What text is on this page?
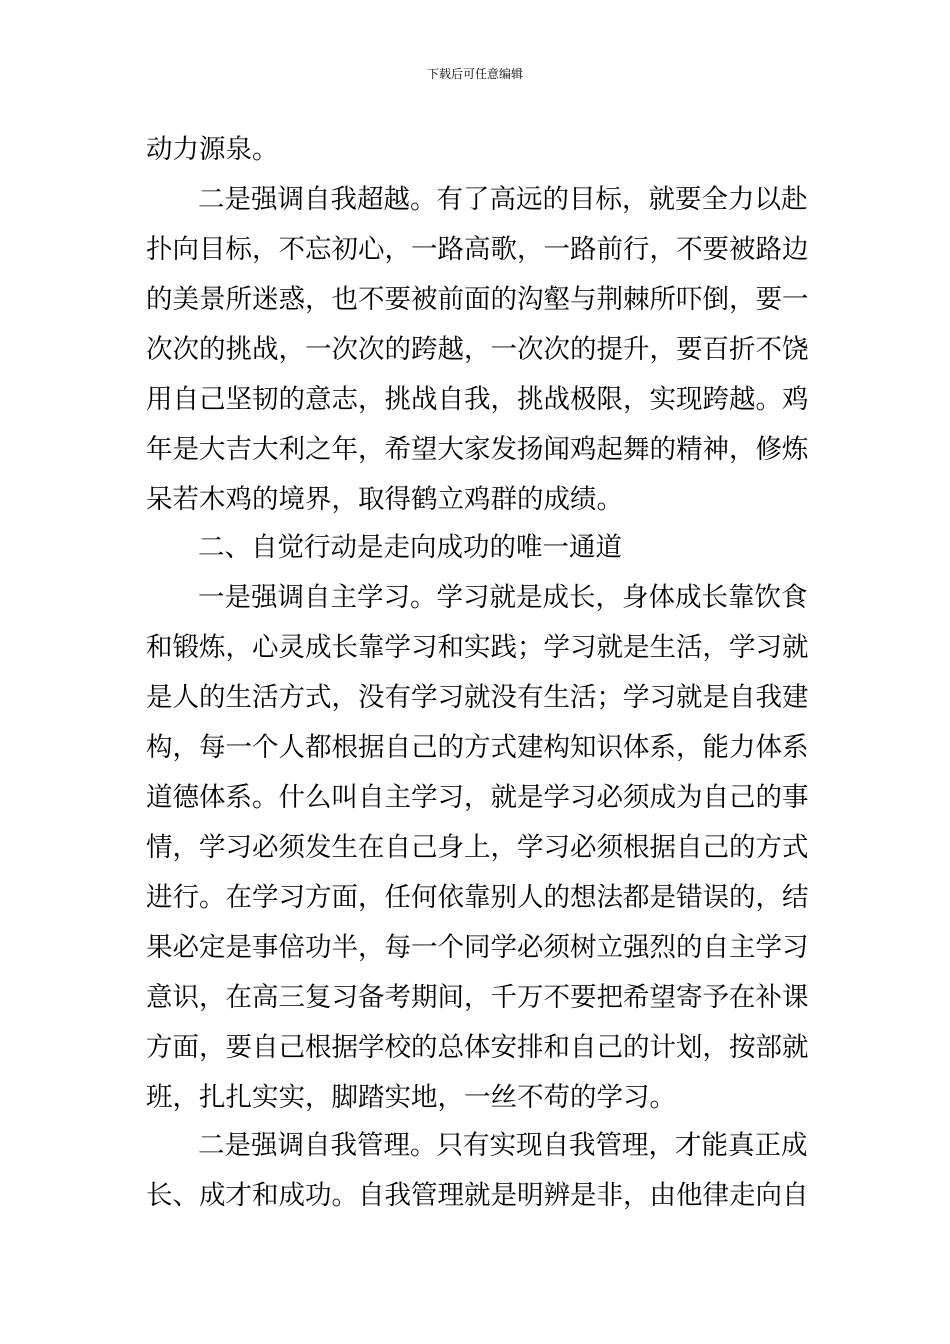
下载后可任意编辑
动力源泉。
二是强调自我超越。有了高远的目标，就要全力以赴
扑向目标，不忘初心，一路高歌，一路前行，不要被路边
的美景所迷惑，也不要被前面的沟壑与荆棘所吓倒，要一
次次的挑战，一次次的跨越，一次次的提升，要百折不饶
用自己坚韧的意志，挑战自我，挑战极限，实现跨越。鸡
年是大吉大利之年，希望大家发扬闻鸡起舞的精神，修炼
呆若木鸡的境界，取得鹤立鸡群的成绩。
二、自觉行动是走向成功的唯一通道
一是强调自主学习。学习就是成长，身体成长靠饮食
和锻炼，心灵成长靠学习和实践；学习就是生活，学习就
是人的生活方式，没有学习就没有生活；学习就是自我建
构，每一个人都根据自己的方式建构知识体系，能力体系
道德体系。什么叫自主学习，就是学习必须成为自己的事
情，学习必须发生在自己身上，学习必须根据自己的方式
进行。在学习方面，任何依靠别人的想法都是错误的，结
果必定是事倍功半，每一个同学必须树立强烈的自主学习
意识，在高三复习备考期间，千万不要把希望寄予在补课
方面，要自己根据学校的总体安排和自己的计划，按部就
班，扎扎实实，脚踏实地，一丝不苟的学习。
二是强调自我管理。只有实现自我管理，才能真正成
长、成才和成功。自我管理就是明辨是非，由他律走向自
